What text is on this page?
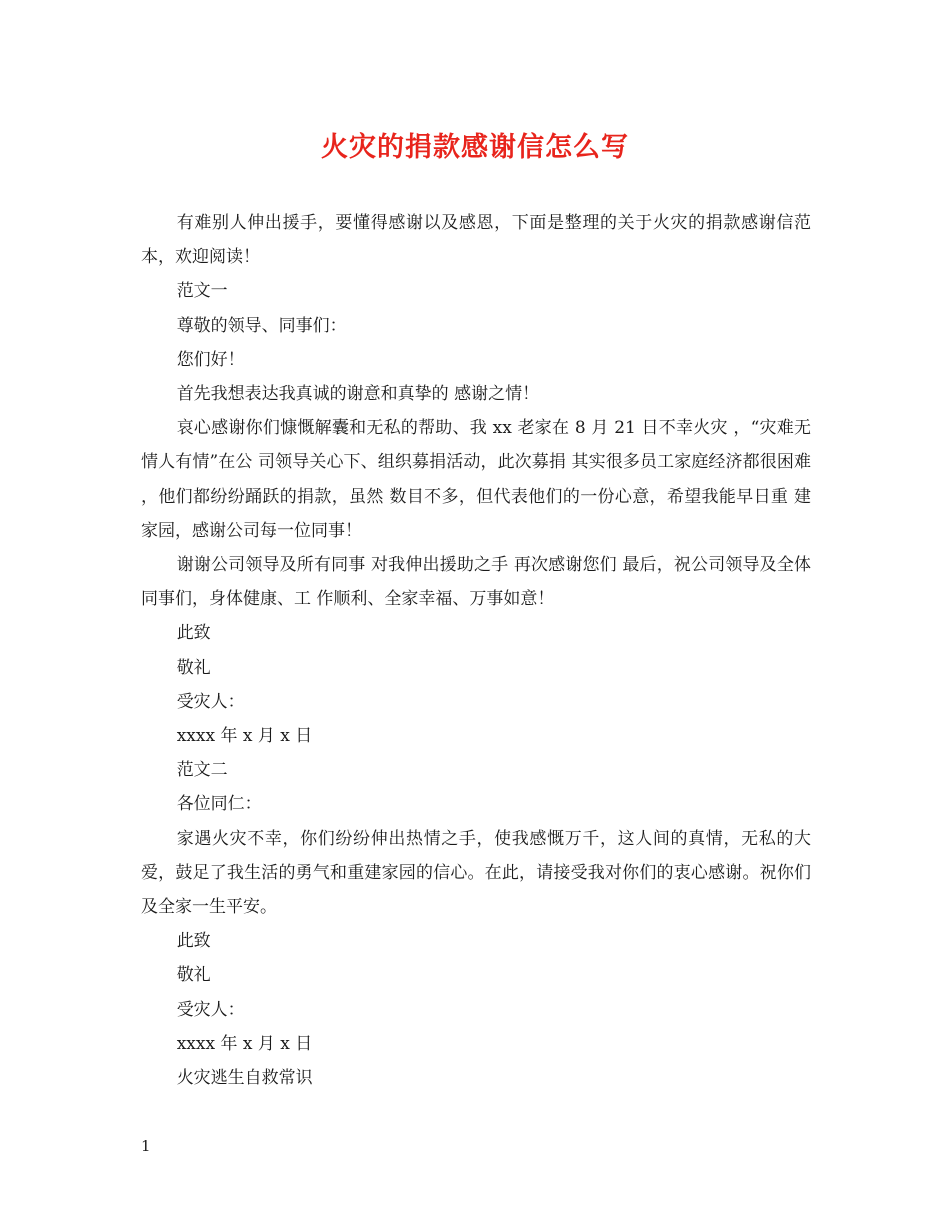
火灾的捐款感谢信怎么写

有难别人伸出援手，要懂得感谢以及感恩，下面是整理的关于火灾的捐款感谢信范本，欢迎阅读！

范文一

尊敬的领导、同事们：

您们好！

首先我想表达我真诚的谢意和真挚的 感谢之情！

哀心感谢你们慷慨解囊和无私的帮助、我 xx 老家在 8 月 21 日不幸火灾 ，“灾难无情人有情”在公 司领导关心下、组织募捐活动，此次募捐 其实很多员工家庭经济都很困难 ，他们都纷纷踊跃的捐款，虽然 数目不多，但代表他们的一份心意，希望我能早日重 建家园，感谢公司每一位同事！

谢谢公司领导及所有同事 对我伸出援助之手 再次感谢您们 最后，祝公司领导及全体同事们，身体健康、工 作顺利、全家幸福、万事如意！

此致

敬礼

受灾人：

xxxx 年 x 月 x 日

范文二

各位同仁：

家遇火灾不幸，你们纷纷伸出热情之手，使我感慨万千，这人间的真情，无私的大爱，鼓足了我生活的勇气和重建家园的信心。在此，请接受我对你们的衷心感谢。祝你们及全家一生平安。

此致

敬礼

受灾人：

xxxx 年 x 月 x 日

火灾逃生自救常识

1
